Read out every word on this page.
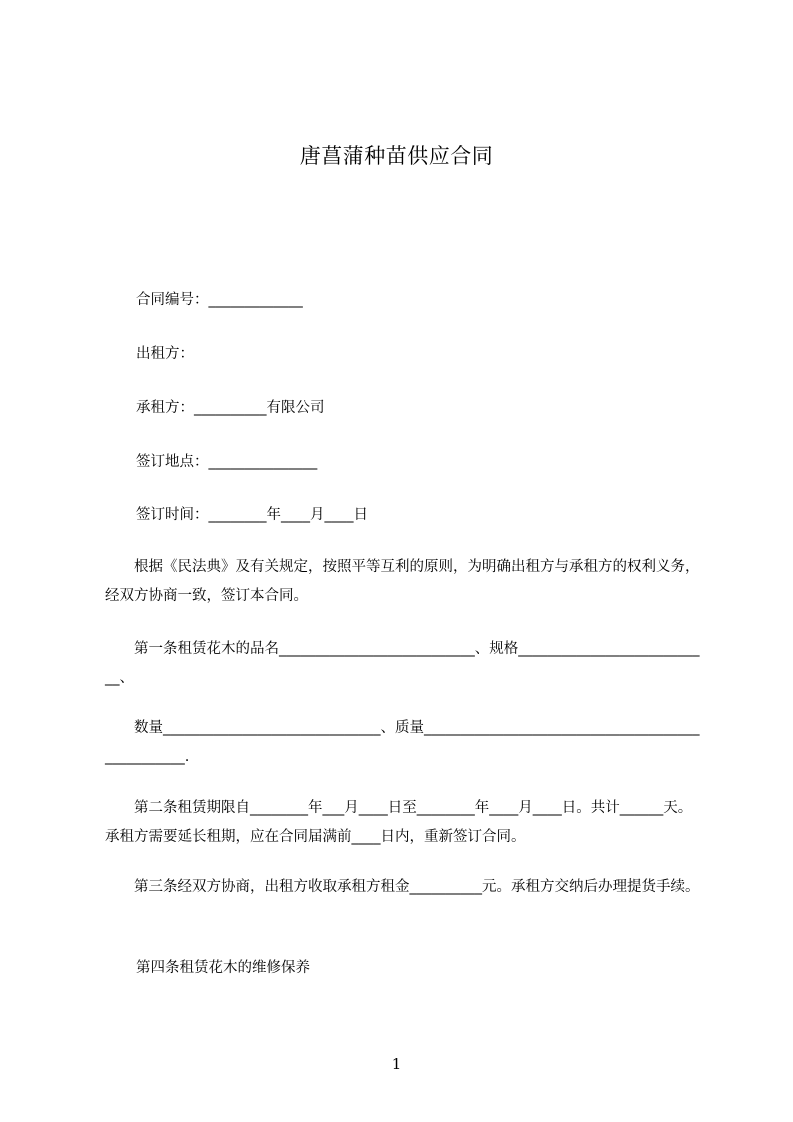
唐菖蒲种苗供应合同
合同编号：_____________
出租方：
承租方：__________有限公司
签订地点：_______________
签订时间：________年____月____日
　　根据《民法典》及有关规定，按照平等互利的原则，为明确出租方与承租方的权利义务，经双方协商一致，签订本合同。
　　第一条租赁花木的品名___________________________、规格___________________________、
　　数量______________________________、质量_________________________________________________.
　　第二条租赁期限自________年___月____日至________年____月____日。共计______天。承租方需要延长租期，应在合同届满前____日内，重新签订合同。
　　第三条经双方协商，出租方收取承租方租金__________元。承租方交纳后办理提货手续。
第四条租赁花木的维修保养
1
